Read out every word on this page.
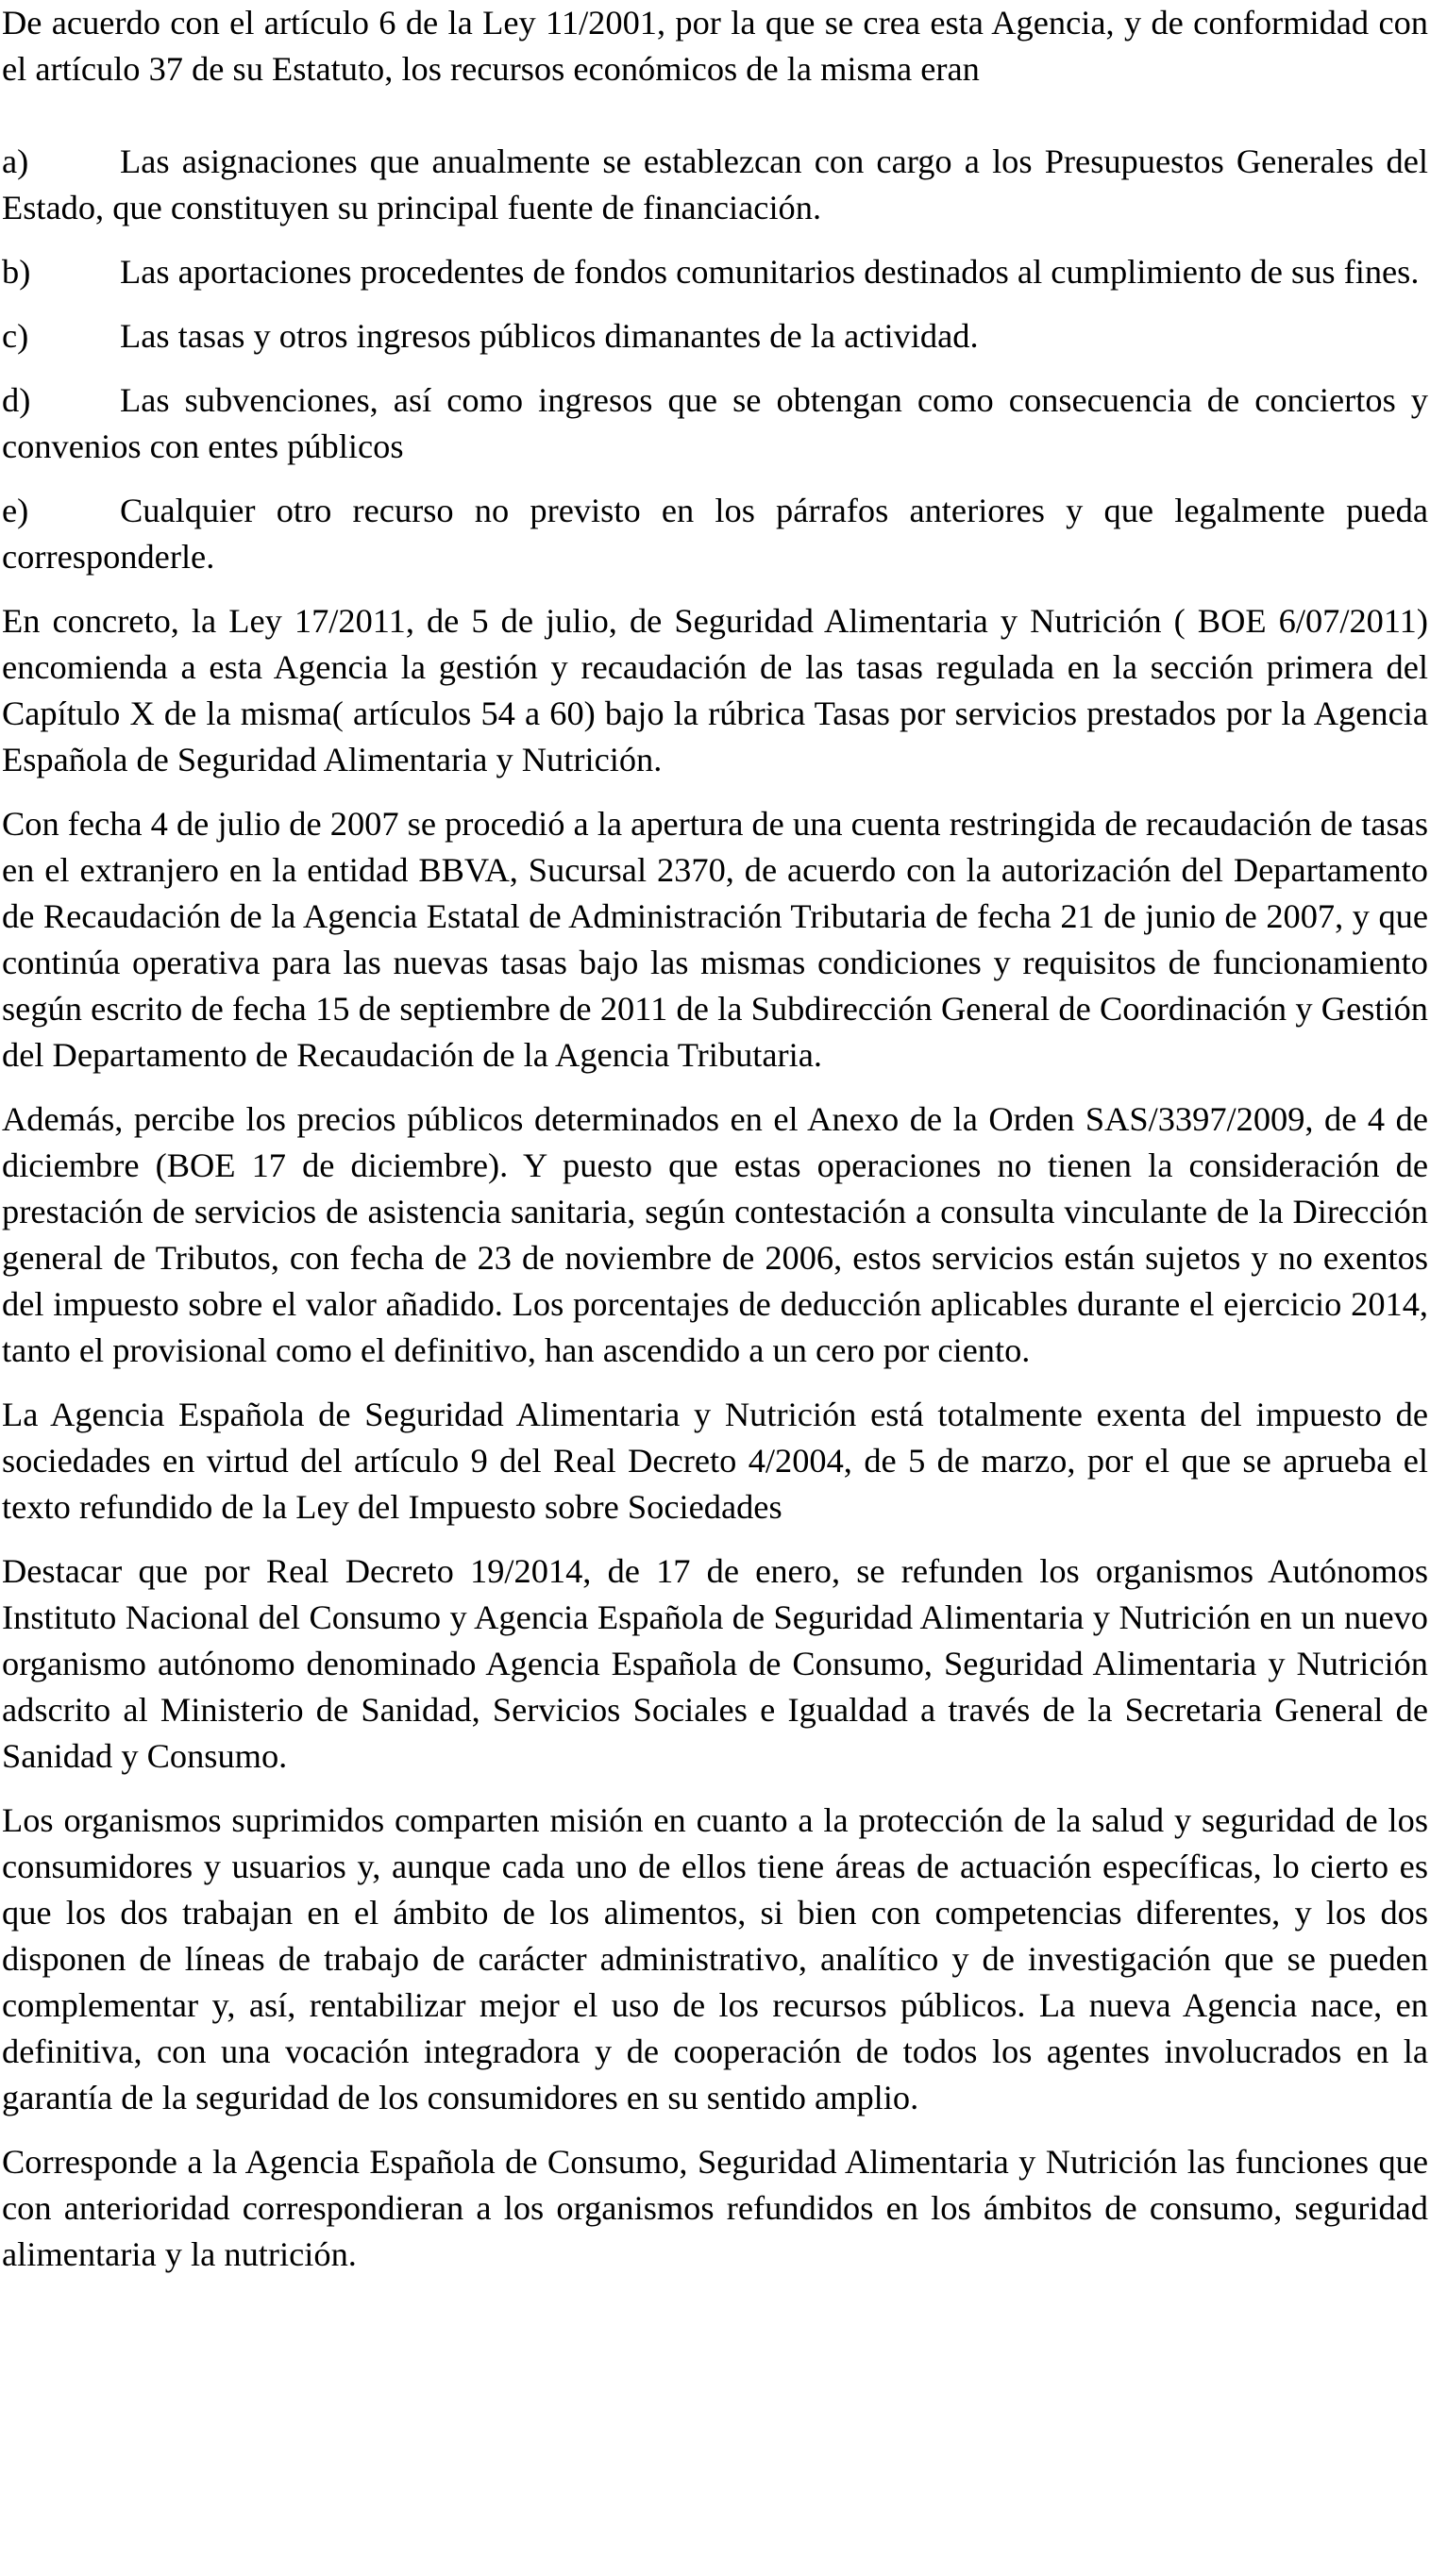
De acuerdo con el artículo 6 de la Ley 11/2001, por la que se crea esta Agencia, y de conformidad con el artículo 37 de su Estatuto, los recursos económicos de la misma eran

a)	Las asignaciones que anualmente se establezcan con cargo a los Presupuestos Generales del Estado, que constituyen su principal fuente de financiación.

b)	Las aportaciones procedentes de fondos comunitarios destinados al cumplimiento de sus fines.

c)	Las tasas y otros ingresos públicos dimanantes de la actividad.

d)	Las subvenciones, así como ingresos que se obtengan como consecuencia de conciertos y convenios con entes públicos

e)	Cualquier otro recurso no previsto en los párrafos anteriores y que legalmente pueda corresponderle.

En concreto, la Ley 17/2011, de 5 de julio, de Seguridad Alimentaria y Nutrición ( BOE 6/07/2011) encomienda a esta Agencia la gestión y recaudación de las tasas regulada en la sección primera del Capítulo X de la misma( artículos 54 a 60) bajo la rúbrica Tasas por servicios prestados por la Agencia Española de Seguridad Alimentaria y Nutrición.

Con fecha 4 de julio de 2007 se procedió a la apertura de una cuenta restringida de recaudación de tasas en el extranjero en la entidad BBVA, Sucursal 2370, de acuerdo con la autorización del Departamento de Recaudación de la Agencia Estatal de Administración Tributaria de fecha 21 de junio de 2007, y que continúa operativa para las nuevas tasas bajo las mismas condiciones y requisitos de funcionamiento según escrito de fecha 15 de septiembre de 2011 de la Subdirección General de Coordinación y Gestión del Departamento de Recaudación de la Agencia Tributaria.

Además, percibe los precios públicos determinados en el Anexo de la Orden SAS/3397/2009, de 4 de diciembre (BOE 17 de diciembre). Y puesto que estas operaciones no tienen la consideración de prestación de servicios de asistencia sanitaria, según contestación a consulta vinculante de la Dirección general de Tributos, con fecha de 23 de noviembre de 2006, estos servicios están sujetos y no exentos del impuesto sobre el valor añadido. Los porcentajes de deducción aplicables durante el ejercicio 2014, tanto el provisional como el definitivo, han ascendido a un cero por ciento.

La Agencia Española de Seguridad Alimentaria y Nutrición está totalmente exenta del impuesto de sociedades en virtud del artículo 9 del Real Decreto 4/2004, de 5 de marzo, por el que se aprueba el texto refundido de la Ley del Impuesto sobre Sociedades

Destacar que por Real Decreto 19/2014, de 17 de enero, se refunden los organismos Autónomos Instituto Nacional del Consumo y Agencia Española de Seguridad Alimentaria y Nutrición en un nuevo organismo autónomo denominado Agencia Española de Consumo, Seguridad Alimentaria y Nutrición adscrito al Ministerio de Sanidad, Servicios Sociales e Igualdad a través de la Secretaria General de Sanidad y Consumo.

Los organismos suprimidos comparten misión en cuanto a la protección de la salud y seguridad de los consumidores y usuarios y, aunque cada uno de ellos tiene áreas de actuación específicas, lo cierto es que los dos trabajan en el ámbito de los alimentos, si bien con competencias diferentes, y los dos disponen de líneas de trabajo de carácter administrativo, analítico y de investigación que se pueden complementar y, así, rentabilizar mejor el uso de los recursos públicos. La nueva Agencia nace, en definitiva, con una vocación integradora y de cooperación de todos los agentes involucrados en la garantía de la seguridad de los consumidores en su sentido amplio.

Corresponde a la Agencia Española de Consumo, Seguridad Alimentaria y Nutrición las funciones que con anterioridad correspondieran a los organismos refundidos en los ámbitos de consumo, seguridad alimentaria y la nutrición.
